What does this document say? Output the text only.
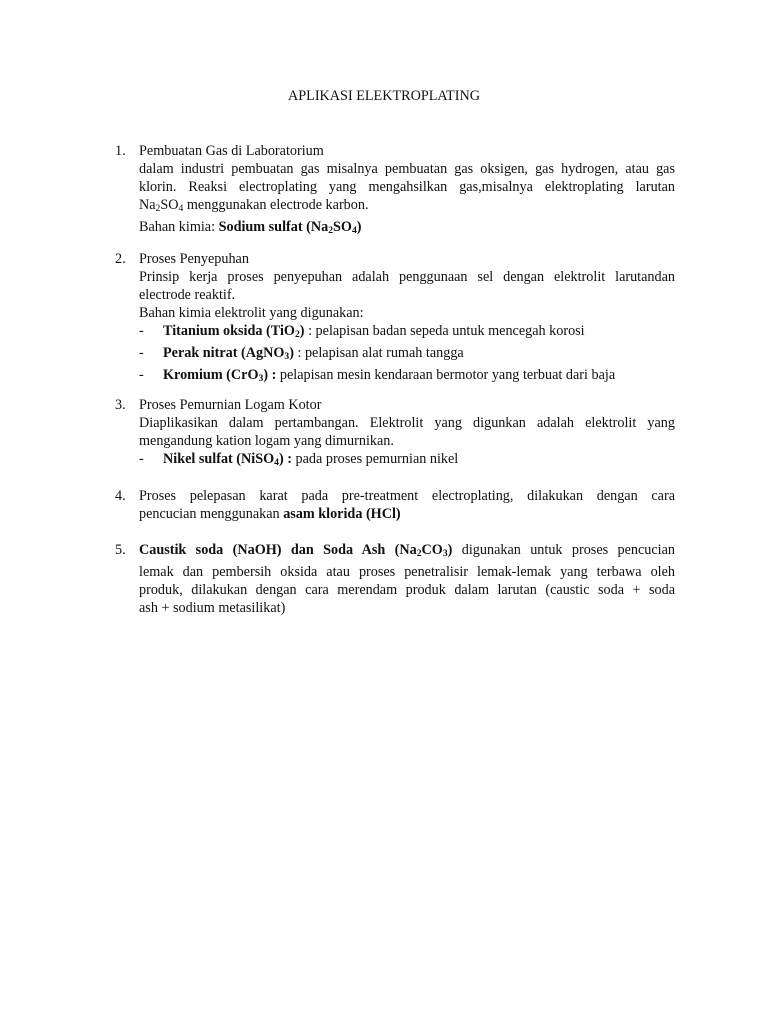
APLIKASI ELEKTROPLATING
1. Pembuatan Gas di Laboratorium
dalam industri pembuatan gas misalnya pembuatan gas oksigen, gas hydrogen, atau gas
klorin. Reaksi electroplating yang mengahsilkan gas,misalnya elektroplating larutan
Na2SO4 menggunakan electrode karbon.
Bahan kimia: Sodium sulfat (Na2SO4)
2. Proses Penyepuhan
Prinsip kerja proses penyepuhan adalah penggunaan sel dengan elektrolit larutandan
electrode reaktif.
Bahan kimia elektrolit yang digunakan:
-	Titanium oksida (TiO2) : pelapisan badan sepeda untuk mencegah korosi
-	Perak nitrat (AgNO3) : pelapisan alat rumah tangga
-	Kromium (CrO3) : pelapisan mesin kendaraan bermotor yang terbuat dari baja
3. Proses Pemurnian Logam Kotor
Diaplikasikan dalam pertambangan. Elektrolit yang digunkan adalah elektrolit yang
mengandung kation logam yang dimurnikan.
-	Nikel sulfat (NiSO4) : pada proses pemurnian nikel
4. Proses pelepasan karat pada pre-treatment electroplating, dilakukan dengan cara
pencucian menggunakan asam klorida (HCl)
5. Caustik soda (NaOH) dan Soda Ash (Na2CO3) digunakan untuk proses pencucian
lemak dan pembersih oksida atau proses penetralisir lemak-lemak yang terbawa oleh
produk, dilakukan dengan cara merendam produk dalam larutan (caustic soda + soda
ash + sodium metasilikat)
